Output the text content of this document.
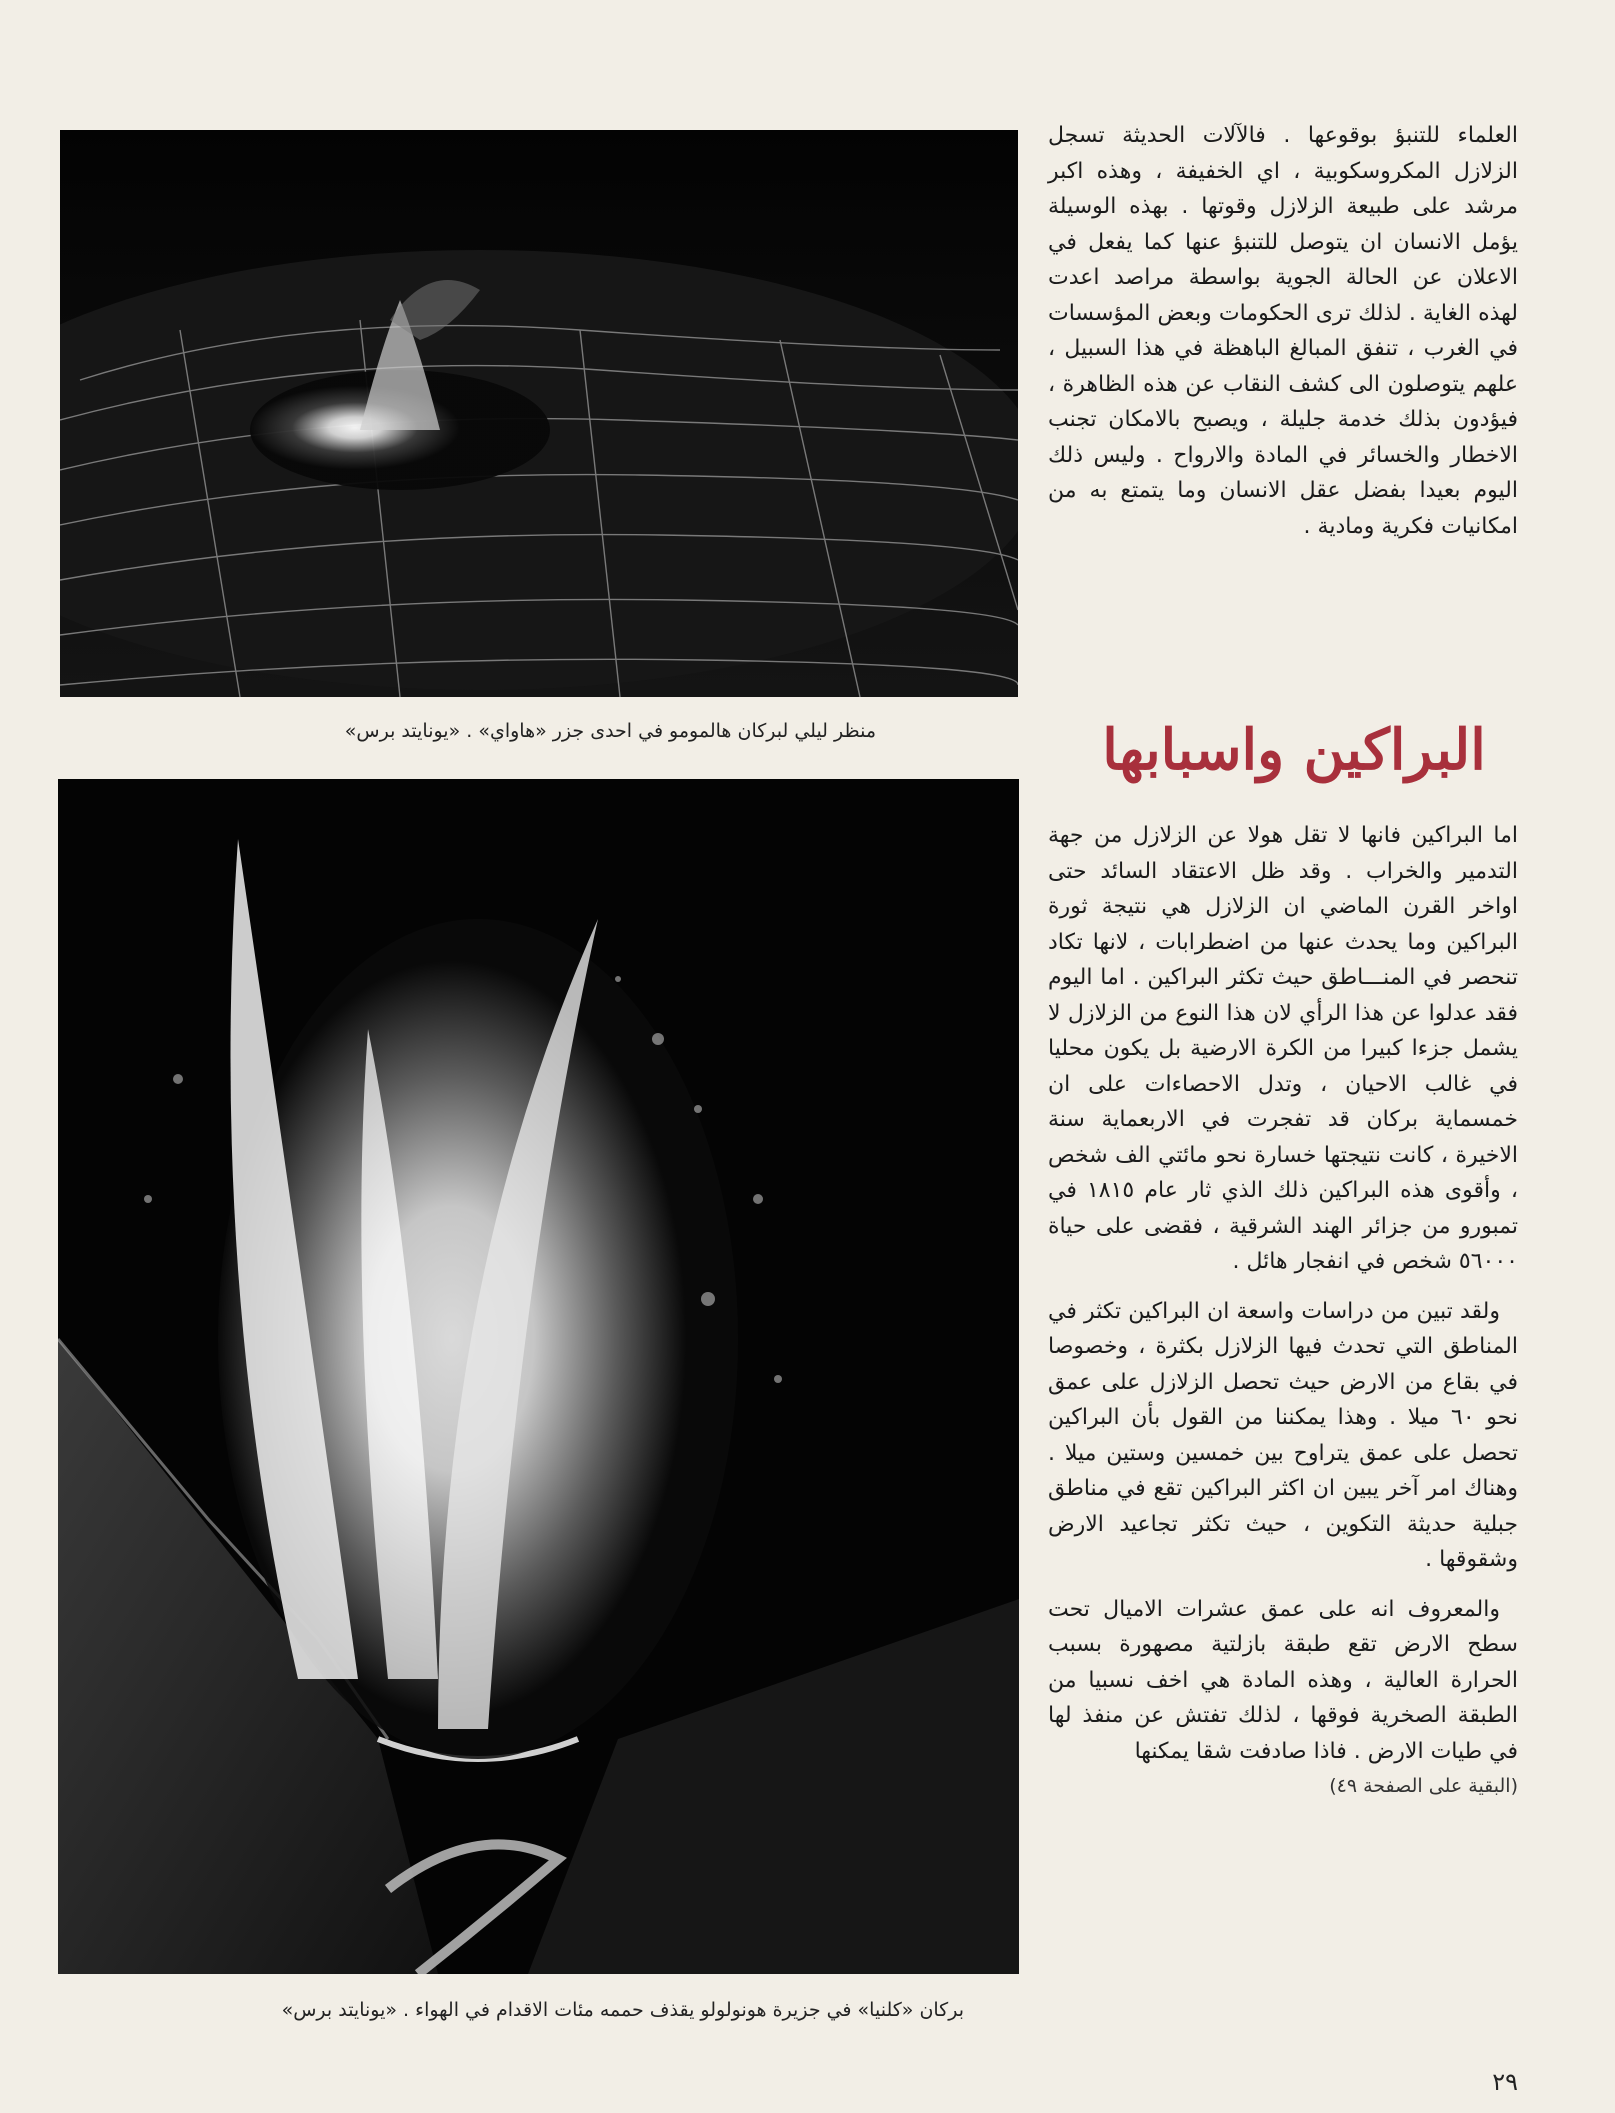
منظر ليلي لبركان هالمومو في احدى جزر «هاواي» . «يونايتد برس»
بركان «كلنيا» في جزيرة هونولولو يقذف حممه مئات الاقدام في الهواء . «يونايتد برس»

العلماء للتنبؤ بوقوعها . فالآلات الحديثة تسجل الزلازل المكروسكوبية ، اي الخفيفة ، وهذه اكبر مرشد على طبيعة الزلازل وقوتها . بهذه الوسيلة يؤمل الانسان ان يتوصل للتنبؤ عنها كما يفعل في الاعلان عن الحالة الجوية بواسطة مراصد اعدت لهذه الغاية . لذلك ترى الحكومات وبعض المؤسسات في الغرب ، تنفق المبالغ الباهظة في هذا السبيل ، علهم يتوصلون الى كشف النقاب عن هذه الظاهرة ، فيؤدون بذلك خدمة جليلة ، ويصبح بالامكان تجنب الاخطار والخسائر في المادة والارواح . وليس ذلك اليوم بعيدا بفضل عقل الانسان وما يتمتع به من امكانيات فكرية ومادية .

البراكين واسبابها

اما البراكين فانها لا تقل هولا عن الزلازل من جهة التدمير والخراب . وقد ظل الاعتقاد السائد حتى اواخر القرن الماضي ان الزلازل هي نتيجة ثورة البراكين وما يحدث عنها من اضطرابات ، لانها تكاد تنحصر في المنـــاطق حيث تكثر البراكين . اما اليوم فقد عدلوا عن هذا الرأي لان هذا النوع من الزلازل لا يشمل جزءا كبيرا من الكرة الارضية بل يكون محليا في غالب الاحيان ، وتدل الاحصاءات على ان خمسماية بركان قد تفجرت في الاربعماية سنة الاخيرة ، كانت نتيجتها خسارة نحو مائتي الف شخص ، وأقوى هذه البراكين ذلك الذي ثار عام ١٨١٥ في تمبورو من جزائر الهند الشرقية ، فقضى على حياة ٥٦٠٠٠ شخص في انفجار هائل .

ولقد تبين من دراسات واسعة ان البراكين تكثر في المناطق التي تحدث فيها الزلازل بكثرة ، وخصوصا في بقاع من الارض حيث تحصل الزلازل على عمق نحو ٦٠ ميلا . وهذا يمكننا من القول بأن البراكين تحصل على عمق يتراوح بين خمسين وستين ميلا . وهناك امر آخر يبين ان اكثر البراكين تقع في مناطق جبلية حديثة التكوين ، حيث تكثر تجاعيد الارض وشقوقها .

والمعروف انه على عمق عشرات الاميال تحت سطح الارض تقع طبقة بازلتية مصهورة بسبب الحرارة العالية ، وهذه المادة هي اخف نسبيا من الطبقة الصخرية فوقها ، لذلك تفتش عن منفذ لها في طيات الارض . فاذا صادفت شقا يمكنها

(البقية على الصفحة ٤٩)

٢٩
